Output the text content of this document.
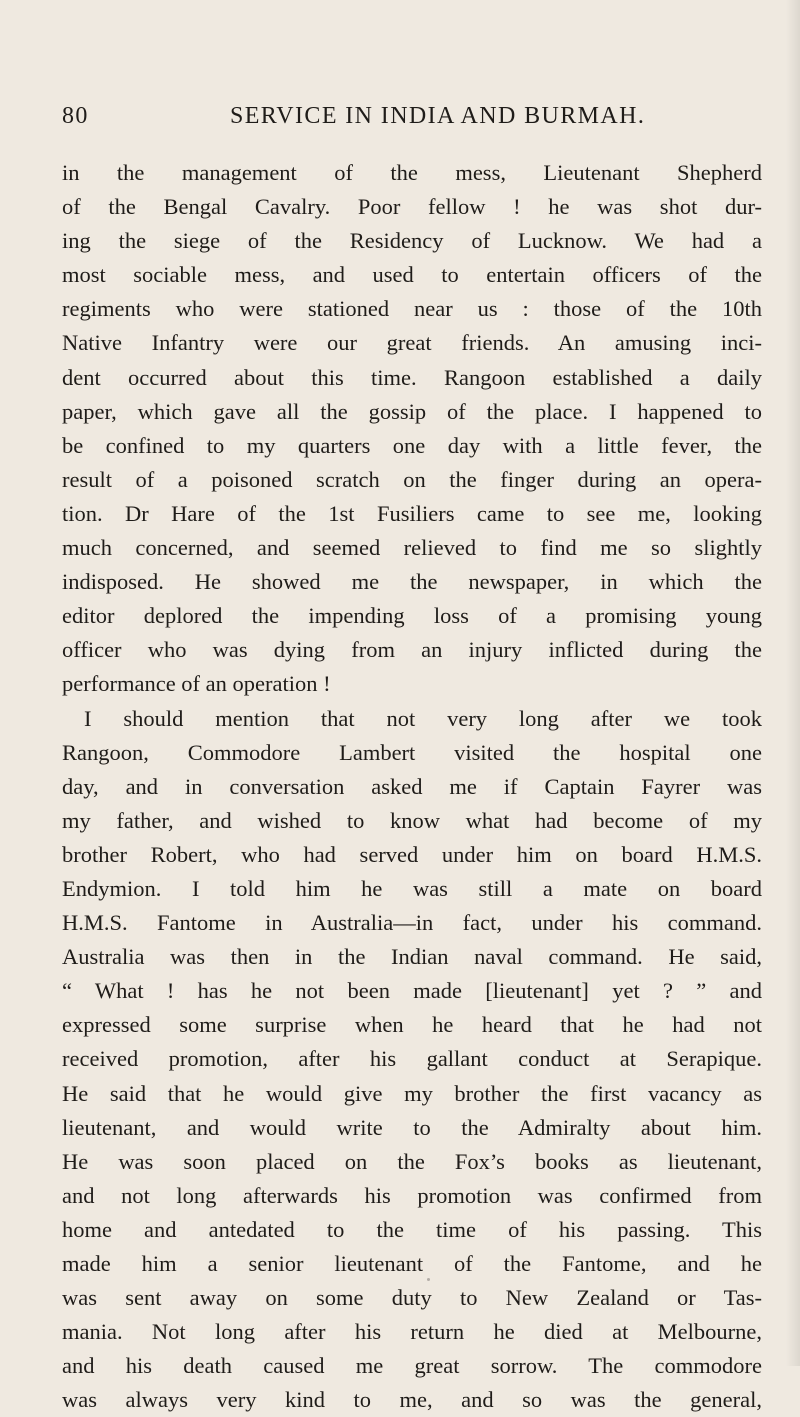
80	SERVICE IN INDIA AND BURMAH.
in the management of the mess, Lieutenant Shepherd
of the Bengal Cavalry. Poor fellow ! he was shot dur-
ing the siege of the Residency of Lucknow. We had a
most sociable mess, and used to entertain officers of the
regiments who were stationed near us : those of the 10th
Native Infantry were our great friends. An amusing inci-
dent occurred about this time. Rangoon established a daily
paper, which gave all the gossip of the place. I happened to
be confined to my quarters one day with a little fever, the
result of a poisoned scratch on the finger during an opera-
tion. Dr Hare of the 1st Fusiliers came to see me, looking
much concerned, and seemed relieved to find me so slightly
indisposed. He showed me the newspaper, in which the
editor deplored the impending loss of a promising young
officer who was dying from an injury inflicted during the
performance of an operation !
I should mention that not very long after we took
Rangoon, Commodore Lambert visited the hospital one
day, and in conversation asked me if Captain Fayrer was
my father, and wished to know what had become of my
brother Robert, who had served under him on board H.M.S.
Endymion. I told him he was still a mate on board
H.M.S. Fantome in Australia—in fact, under his command.
Australia was then in the Indian naval command. He said,
“ What ! has he not been made [lieutenant] yet ? ” and
expressed some surprise when he heard that he had not
received promotion, after his gallant conduct at Serapique.
He said that he would give my brother the first vacancy as
lieutenant, and would write to the Admiralty about him.
He was soon placed on the Fox’s books as lieutenant,
and not long afterwards his promotion was confirmed from
home and antedated to the time of his passing. This
made him a senior lieutenant of the Fantome, and he
was sent away on some duty to New Zealand or Tas-
mania. Not long after his return he died at Melbourne,
and his death caused me great sorrow. The commodore
was always very kind to me, and so was the general,
